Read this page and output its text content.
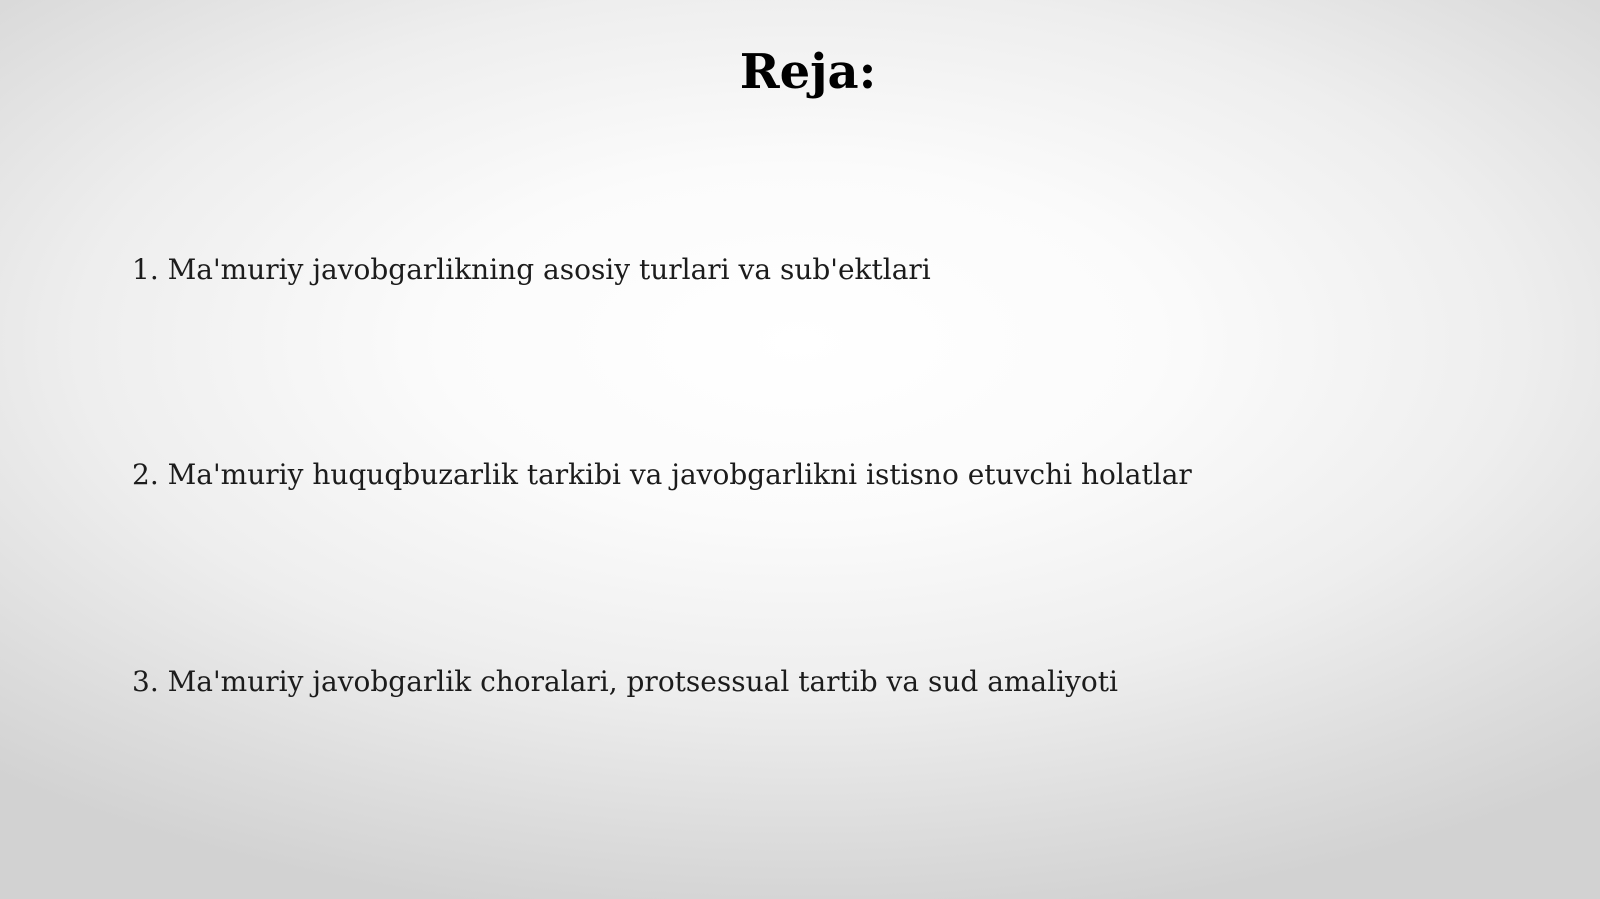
Reja:
1. Ma'muriy javobgarlikning asosiy turlari va sub'ektlari
2. Ma'muriy huquqbuzarlik tarkibi va javobgarlikni istisno etuvchi holatlar
3. Ma'muriy javobgarlik choralari, protsessual tartib va sud amaliyoti
